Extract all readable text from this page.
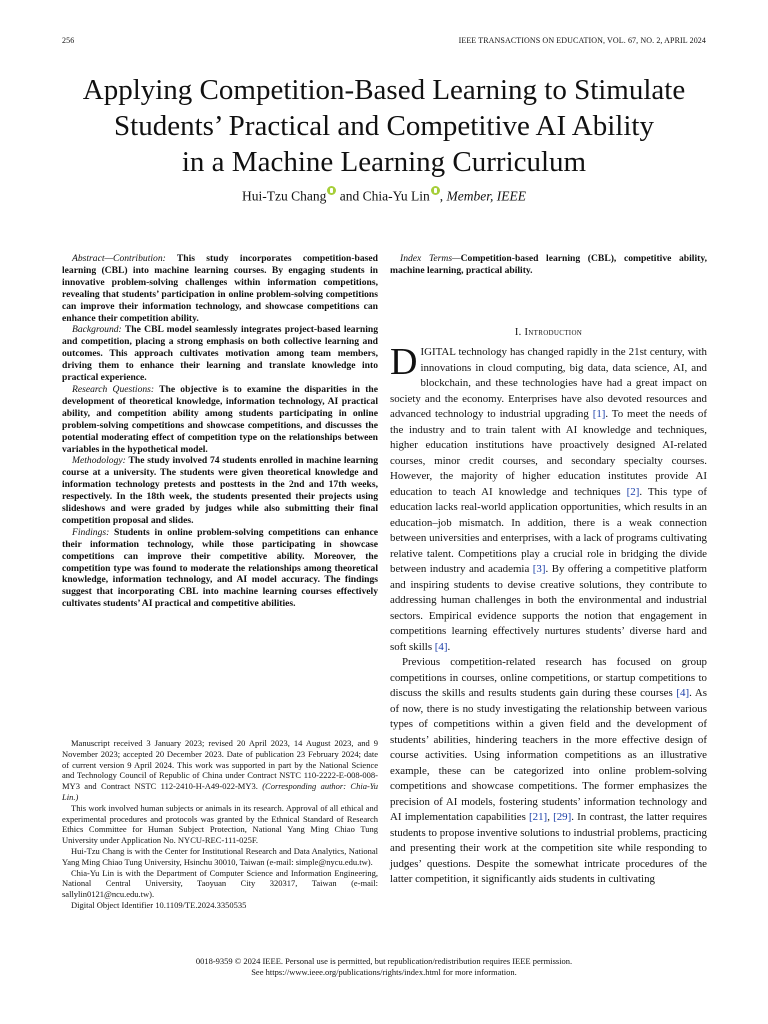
256	IEEE TRANSACTIONS ON EDUCATION, VOL. 67, NO. 2, APRIL 2024
Applying Competition-Based Learning to Stimulate
Students’ Practical and Competitive AI Ability
in a Machine Learning Curriculum
Hui-Tzu Chang and Chia-Yu Lin , Member, IEEE

Abstract—Contribution: This study incorporates competition-based learning (CBL) into machine learning courses. By engaging students in innovative problem-solving challenges within information competitions, revealing that students’ participation in online problem-solving competitions can improve their information technology, and showcase competitions can enhance their competition ability.

Background: The CBL model seamlessly integrates project-based learning and competition, placing a strong emphasis on both collective learning and outcomes. This approach cultivates motivation among team members, driving them to enhance their learning and translate knowledge into practical experience.

Research Questions: The objective is to examine the disparities in the development of theoretical knowledge, information technology, AI practical ability, and competition ability among students participating in online problem-solving competitions and showcase competitions, and discusses the potential moderating effect of competition type on the relationships between variables in the hypothetical model.

Methodology: The study involved 74 students enrolled in machine learning course at a university. The students were given theoretical knowledge and information technology pretests and posttests in the 2nd and 17th weeks, respectively. In the 18th week, the students presented their projects using slideshows and were graded by judges while also submitting their final competition proposal and slides.

Findings: Students in online problem-solving competitions can enhance their information technology, while those participating in showcase competitions can improve their competitive ability. Moreover, the competition type was found to moderate the relationships among theoretical knowledge, information technology, and AI model accuracy. The findings suggest that incorporating CBL into machine learning courses effectively cultivates students’ AI practical and competitive abilities.

Manuscript received 3 January 2023; revised 20 April 2023, 14 August 2023, and 9 November 2023; accepted 20 December 2023. Date of publication 23 February 2024; date of current version 9 April 2024. This work was supported in part by the National Science and Technology Council of Republic of China under Contract NSTC 110-2222-E-008-008-MY3 and Contract NSTC 112-2410-H-A49-022-MY3. (Corresponding author: Chia-Yu Lin.)

This work involved human subjects or animals in its research. Approval of all ethical and experimental procedures and protocols was granted by the Ethnical Standard of Research Ethics Committee for Human Subject Protection, National Yang Ming Chiao Tung University under Application No. NYCU-REC-111-025F.

Hui-Tzu Chang is with the Center for Institutional Research and Data Analytics, National Yang Ming Chiao Tung University, Hsinchu 30010, Taiwan (e-mail: simple@nycu.edu.tw).

Chia-Yu Lin is with the Department of Computer Science and Information Engineering, National Central University, Taoyuan City 320317, Taiwan (e-mail: sallylin0121@ncu.edu.tw).

Digital Object Identifier 10.1109/TE.2024.3350535

Index Terms—Competition-based learning (CBL), competitive ability, machine learning, practical ability.

I. Introduction

DIGITAL technology has changed rapidly in the 21st century, with innovations in cloud computing, big data, data science, AI, and blockchain, and these technologies have had a great impact on society and the economy. Enterprises have also devoted resources and advanced technology to industrial upgrading [1]. To meet the needs of the industry and to train talent with AI knowledge and techniques, higher education institutions have proactively designed AI-related courses, minor credit courses, and secondary specialty courses. However, the majority of higher education institutes provide AI education to teach AI knowledge and techniques [2]. This type of education lacks real-world application opportunities, which results in an education–job mismatch. In addition, there is a weak connection between universities and enterprises, with a lack of programs cultivating relative talent. Competitions play a crucial role in bridging the divide between industry and academia [3]. By offering a competitive platform and inspiring students to devise creative solutions, they contribute to addressing human challenges in both the environmental and industrial sectors. Empirical evidence supports the notion that engagement in competitions learning effectively nurtures students’ diverse hard and soft skills [4].

Previous competition-related research has focused on group competitions in courses, online competitions, or startup competitions to discuss the skills and results students gain during these courses [4]. As of now, there is no study investigating the relationship between various types of competitions within a given field and the development of students’ abilities, hindering teachers in the more effective design of course activities. Using information competitions as an illustrative example, these can be categorized into online problem-solving competitions and showcase competitions. The former emphasizes the precision of AI models, fostering students’ information technology and AI implementation capabilities [21], [29]. In contrast, the latter requires students to propose inventive solutions to industrial problems, practicing and presenting their work at the competition site while responding to judges’ questions. Despite the somewhat intricate procedures of the latter competition, it significantly aids students in cultivating

0018-9359 © 2024 IEEE. Personal use is permitted, but republication/redistribution requires IEEE permission.
See https://www.ieee.org/publications/rights/index.html for more information.
